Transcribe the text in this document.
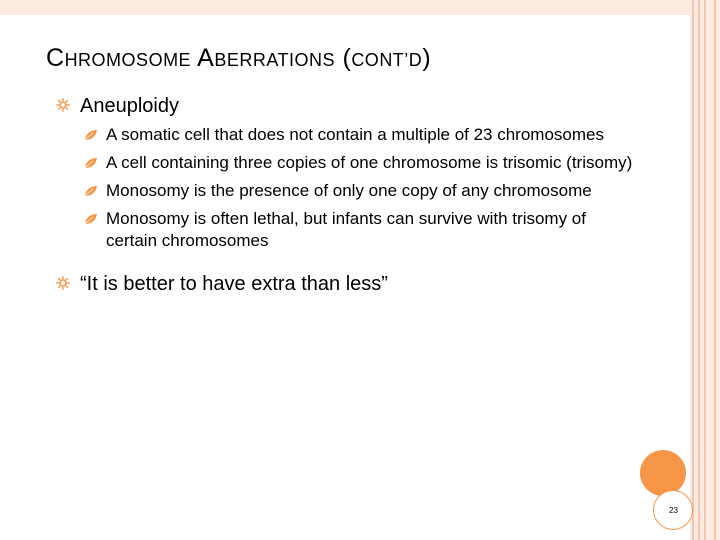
CHROMOSOME ABERRATIONS (CONT’D)
Aneuploidy
A somatic cell that does not contain a multiple of 23 chromosomes
A cell containing three copies of one chromosome is trisomic (trisomy)
Monosomy is the presence of only one copy of any chromosome
Monosomy is often lethal, but infants can survive with trisomy of certain chromosomes
“It is better to have extra than less”
23
